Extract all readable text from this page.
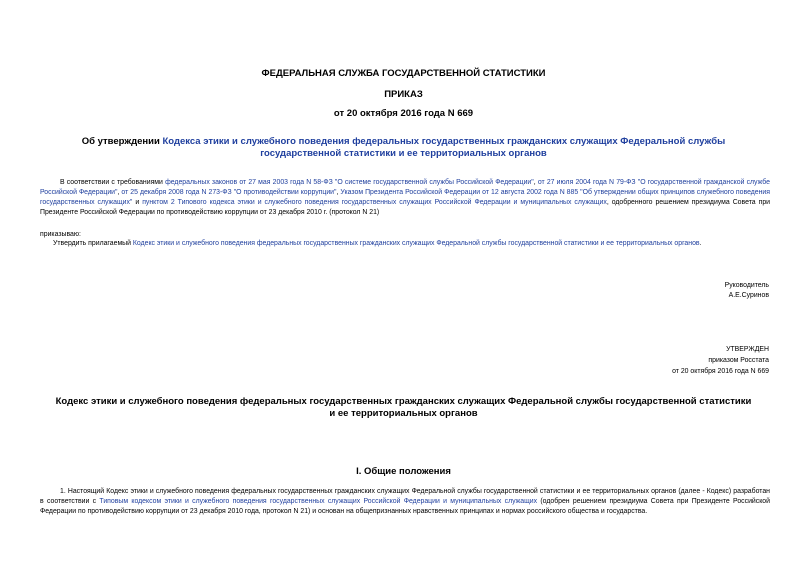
ФЕДЕРАЛЬНАЯ СЛУЖБА ГОСУДАРСТВЕННОЙ СТАТИСТИКИ
ПРИКАЗ
от 20 октября 2016 года N 669
Об утверждении Кодекса этики и служебного поведения федеральных государственных гражданских служащих Федеральной службы государственной статистики и ее территориальных органов
В соответствии с требованиями федеральных законов от 27 мая 2003 года N 58-ФЗ "О системе государственной службы Российской Федерации", от 27 июля 2004 года N 79-ФЗ "О государственной гражданской службе Российской Федерации", от 25 декабря 2008 года N 273-ФЗ "О противодействии коррупции", Указом Президента Российской Федерации от 12 августа 2002 года N 885 "Об утверждении общих принципов служебного поведения государственных служащих" и пунктом 2 Типового кодекса этики и служебного поведения государственных служащих Российской Федерации и муниципальных служащих, одобренного решением президиума Совета при Президенте Российской Федерации по противодействию коррупции от 23 декабря 2010 г. (протокол N 21)
приказываю:
Утвердить прилагаемый Кодекс этики и служебного поведения федеральных государственных гражданских служащих Федеральной службы государственной статистики и ее территориальных органов.
Руководитель
А.Е.Суринов
УТВЕРЖДЕН
приказом Росстата
от 20 октября 2016 года N 669
Кодекс этики и служебного поведения федеральных государственных гражданских служащих Федеральной службы государственной статистики и ее территориальных органов
I. Общие положения
1. Настоящий Кодекс этики и служебного поведения федеральных государственных гражданских служащих Федеральной службы государственной статистики и ее территориальных органов (далее - Кодекс) разработан в соответствии с Типовым кодексом этики и служебного поведения государственных служащих Российской Федерации и муниципальных служащих (одобрен решением президиума Совета при Президенте Российской Федерации по противодействию коррупции от 23 декабря 2010 года, протокол N 21) и основан на общепризнанных нравственных принципах и нормах российского общества и государства.
